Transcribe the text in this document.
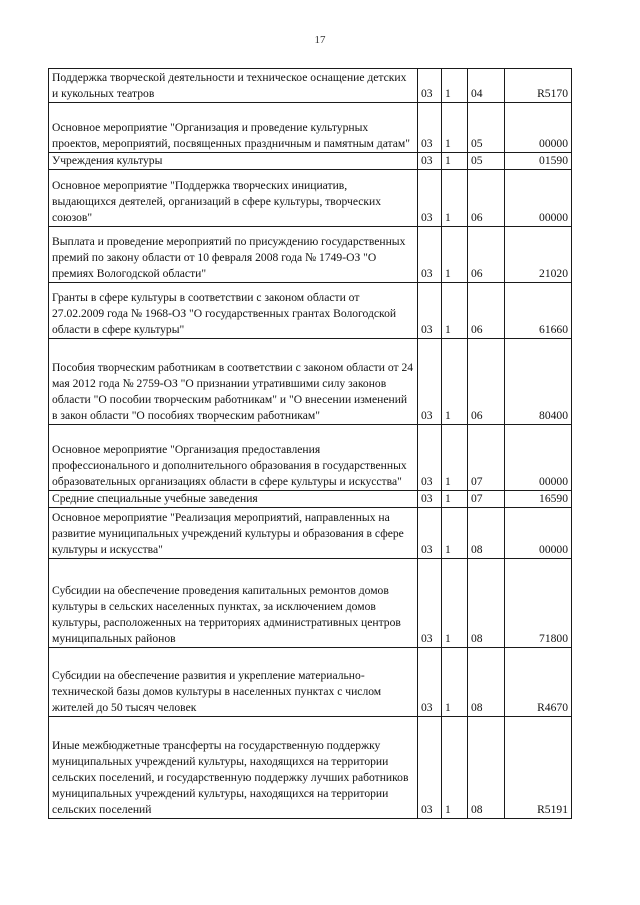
17
Поддержка творческой деятельности и техническое оснащение детских и кукольных театров	03	1	04	R5170
Основное мероприятие "Организация и проведение культурных проектов, мероприятий, посвященных праздничным и памятным датам"	03	1	05	00000
Учреждения культуры	03	1	05	01590
Основное мероприятие "Поддержка творческих инициатив, выдающихся деятелей, организаций в сфере культуры, творческих союзов"	03	1	06	00000
Выплата и проведение мероприятий по присуждению государственных премий по закону области от 10 февраля 2008 года № 1749-ОЗ "О премиях Вологодской области"	03	1	06	21020
Гранты в сфере культуры в соответствии с законом области от 27.02.2009 года № 1968-ОЗ "О государственных грантах Вологодской области в сфере культуры"	03	1	06	61660
Пособия творческим работникам в соответствии с законом области от 24 мая 2012 года № 2759-ОЗ "О признании утратившими силу законов области "О пособии творческим работникам" и "О внесении изменений в закон области "О пособиях творческим работникам"	03	1	06	80400
Основное мероприятие "Организация предоставления профессионального и дополнительного образования в государственных образовательных организациях области в сфере культуры и искусства"	03	1	07	00000
Средние специальные учебные заведения	03	1	07	16590
Основное мероприятие "Реализация мероприятий, направленных на развитие муниципальных учреждений культуры и образования в сфере культуры и искусства"	03	1	08	00000
Субсидии на обеспечение проведения капитальных ремонтов домов культуры в сельских населенных пунктах, за исключением домов культуры, расположенных на территориях административных центров муниципальных районов	03	1	08	71800
Субсидии на обеспечение развития и укрепление материально-технической базы домов культуры в населенных пунктах с числом жителей до 50 тысяч человек	03	1	08	R4670
Иные межбюджетные трансферты на государственную поддержку муниципальных учреждений культуры, находящихся на территории сельских поселений, и государственную поддержку лучших работников муниципальных учреждений культуры, находящихся на территории сельских поселений	03	1	08	R5191
